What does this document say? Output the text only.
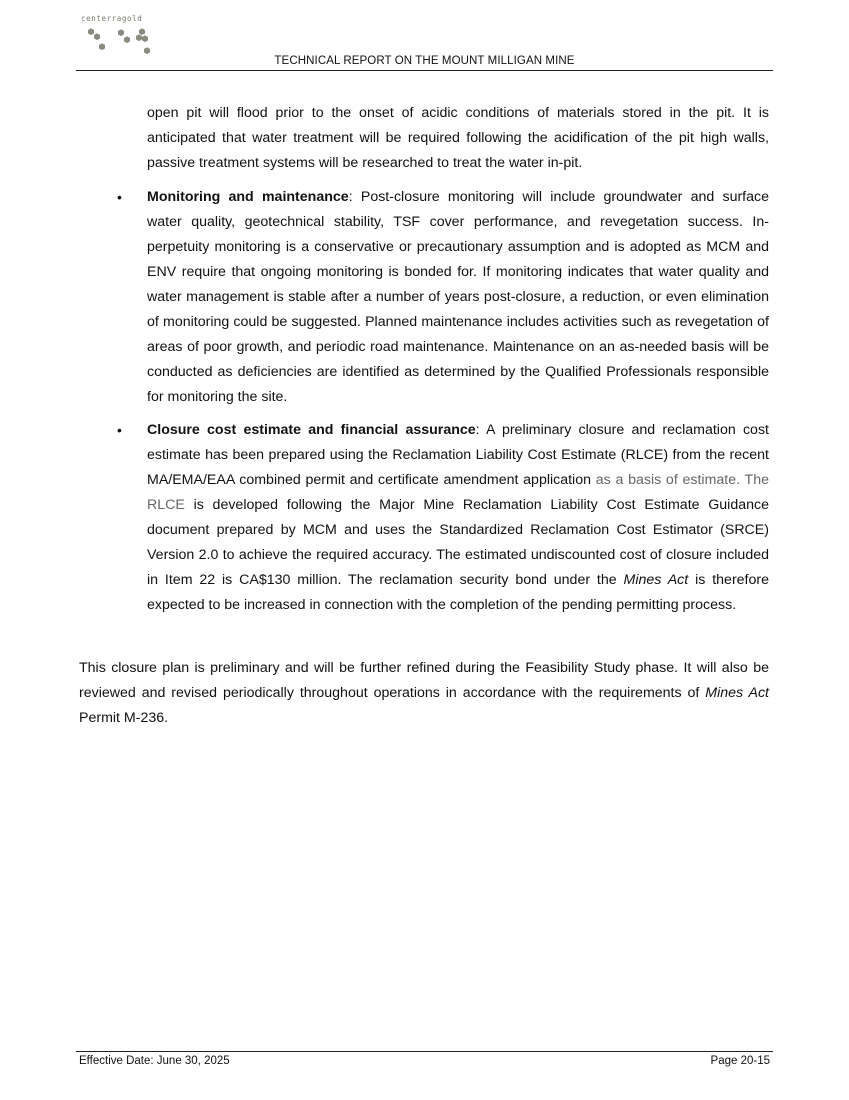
centerragold
TECHNICAL REPORT ON THE MOUNT MILLIGAN MINE
open pit will flood prior to the onset of acidic conditions of materials stored in the pit. It is anticipated that water treatment will be required following the acidification of the pit high walls, passive treatment systems will be researched to treat the water in-pit.
• Monitoring and maintenance: Post-closure monitoring will include groundwater and surface water quality, geotechnical stability, TSF cover performance, and revegetation success. In-perpetuity monitoring is a conservative or precautionary assumption and is adopted as MCM and ENV require that ongoing monitoring is bonded for. If monitoring indicates that water quality and water management is stable after a number of years post-closure, a reduction, or even elimination of monitoring could be suggested. Planned maintenance includes activities such as revegetation of areas of poor growth, and periodic road maintenance. Maintenance on an as-needed basis will be conducted as deficiencies are identified as determined by the Qualified Professionals responsible for monitoring the site.
• Closure cost estimate and financial assurance: A preliminary closure and reclamation cost estimate has been prepared using the Reclamation Liability Cost Estimate (RLCE) from the recent MA/EMA/EAA combined permit and certificate amendment application as a basis of estimate. The RLCE is developed following the Major Mine Reclamation Liability Cost Estimate Guidance document prepared by MCM and uses the Standardized Reclamation Cost Estimator (SRCE) Version 2.0 to achieve the required accuracy. The estimated undiscounted cost of closure included in Item 22 is CA$130 million. The reclamation security bond under the Mines Act is therefore expected to be increased in connection with the completion of the pending permitting process.
This closure plan is preliminary and will be further refined during the Feasibility Study phase. It will also be reviewed and revised periodically throughout operations in accordance with the requirements of Mines Act Permit M-236.
Effective Date: June 30, 2025	Page 20-15
